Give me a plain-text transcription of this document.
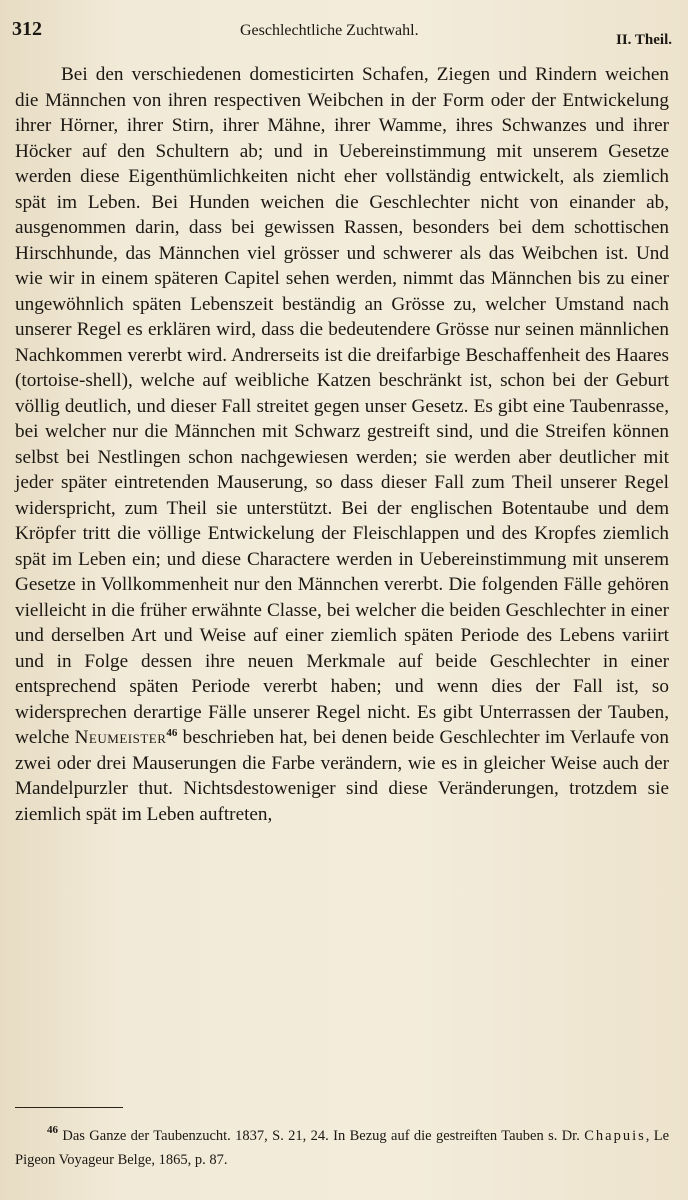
312	Geschlechtliche Zuchtwahl.
II. Theil.

Bei den verschiedenen domesticirten Schafen, Ziegen und Rindern weichen die Männchen von ihren respectiven Weibchen in der Form oder der Entwickelung ihrer Hörner, ihrer Stirn, ihrer Mähne, ihrer Wamme, ihres Schwanzes und ihrer Höcker auf den Schultern ab; und in Uebereinstimmung mit unserem Gesetze werden diese Eigenthümlichkeiten nicht eher vollständig entwickelt, als ziemlich spät im Leben. Bei Hunden weichen die Geschlechter nicht von einander ab, ausgenommen darin, dass bei gewissen Rassen, besonders bei dem schottischen Hirschhunde, das Männchen viel grösser und schwerer als das Weibchen ist. Und wie wir in einem späteren Capitel sehen werden, nimmt das Männchen bis zu einer ungewöhnlich späten Lebenszeit beständig an Grösse zu, welcher Umstand nach unserer Regel es erklären wird, dass die bedeutendere Grösse nur seinen männlichen Nachkommen vererbt wird. Andrerseits ist die dreifarbige Beschaffenheit des Haares (tortoise-shell), welche auf weibliche Katzen beschränkt ist, schon bei der Geburt völlig deutlich, und dieser Fall streitet gegen unser Gesetz. Es gibt eine Taubenrasse, bei welcher nur die Männchen mit Schwarz gestreift sind, und die Streifen können selbst bei Nestlingen schon nachgewiesen werden; sie werden aber deutlicher mit jeder später eintretenden Mauserung, so dass dieser Fall zum Theil unserer Regel widerspricht, zum Theil sie unterstützt. Bei der englischen Botentaube und dem Kröpfer tritt die völlige Entwickelung der Fleischlappen und des Kropfes ziemlich spät im Leben ein; und diese Charactere werden in Uebereinstimmung mit unserem Gesetze in Vollkommenheit nur den Männchen vererbt. Die folgenden Fälle gehören vielleicht in die früher erwähnte Classe, bei welcher die beiden Geschlechter in einer und derselben Art und Weise auf einer ziemlich späten Periode des Lebens variirt und in Folge dessen ihre neuen Merkmale auf beide Geschlechter in einer entsprechend späten Periode vererbt haben; und wenn dies der Fall ist, so widersprechen derartige Fälle unserer Regel nicht. Es gibt Unterrassen der Tauben, welche Neumeister$^{46}$ beschrieben hat, bei denen beide Geschlechter im Verlaufe von zwei oder drei Mauserungen die Farbe verändern, wie es in gleicher Weise auch der Mandelpurzler thut. Nichtsdestoweniger sind diese Veränderungen, trotzdem sie ziemlich spät im Leben auftreten,

$^{46}$ Das Ganze der Taubenzucht. 1837, S. 21, 24. In Bezug auf die gestreiften Tauben s. Dr. Chapuis, Le Pigeon Voyageur Belge, 1865, p. 87.
